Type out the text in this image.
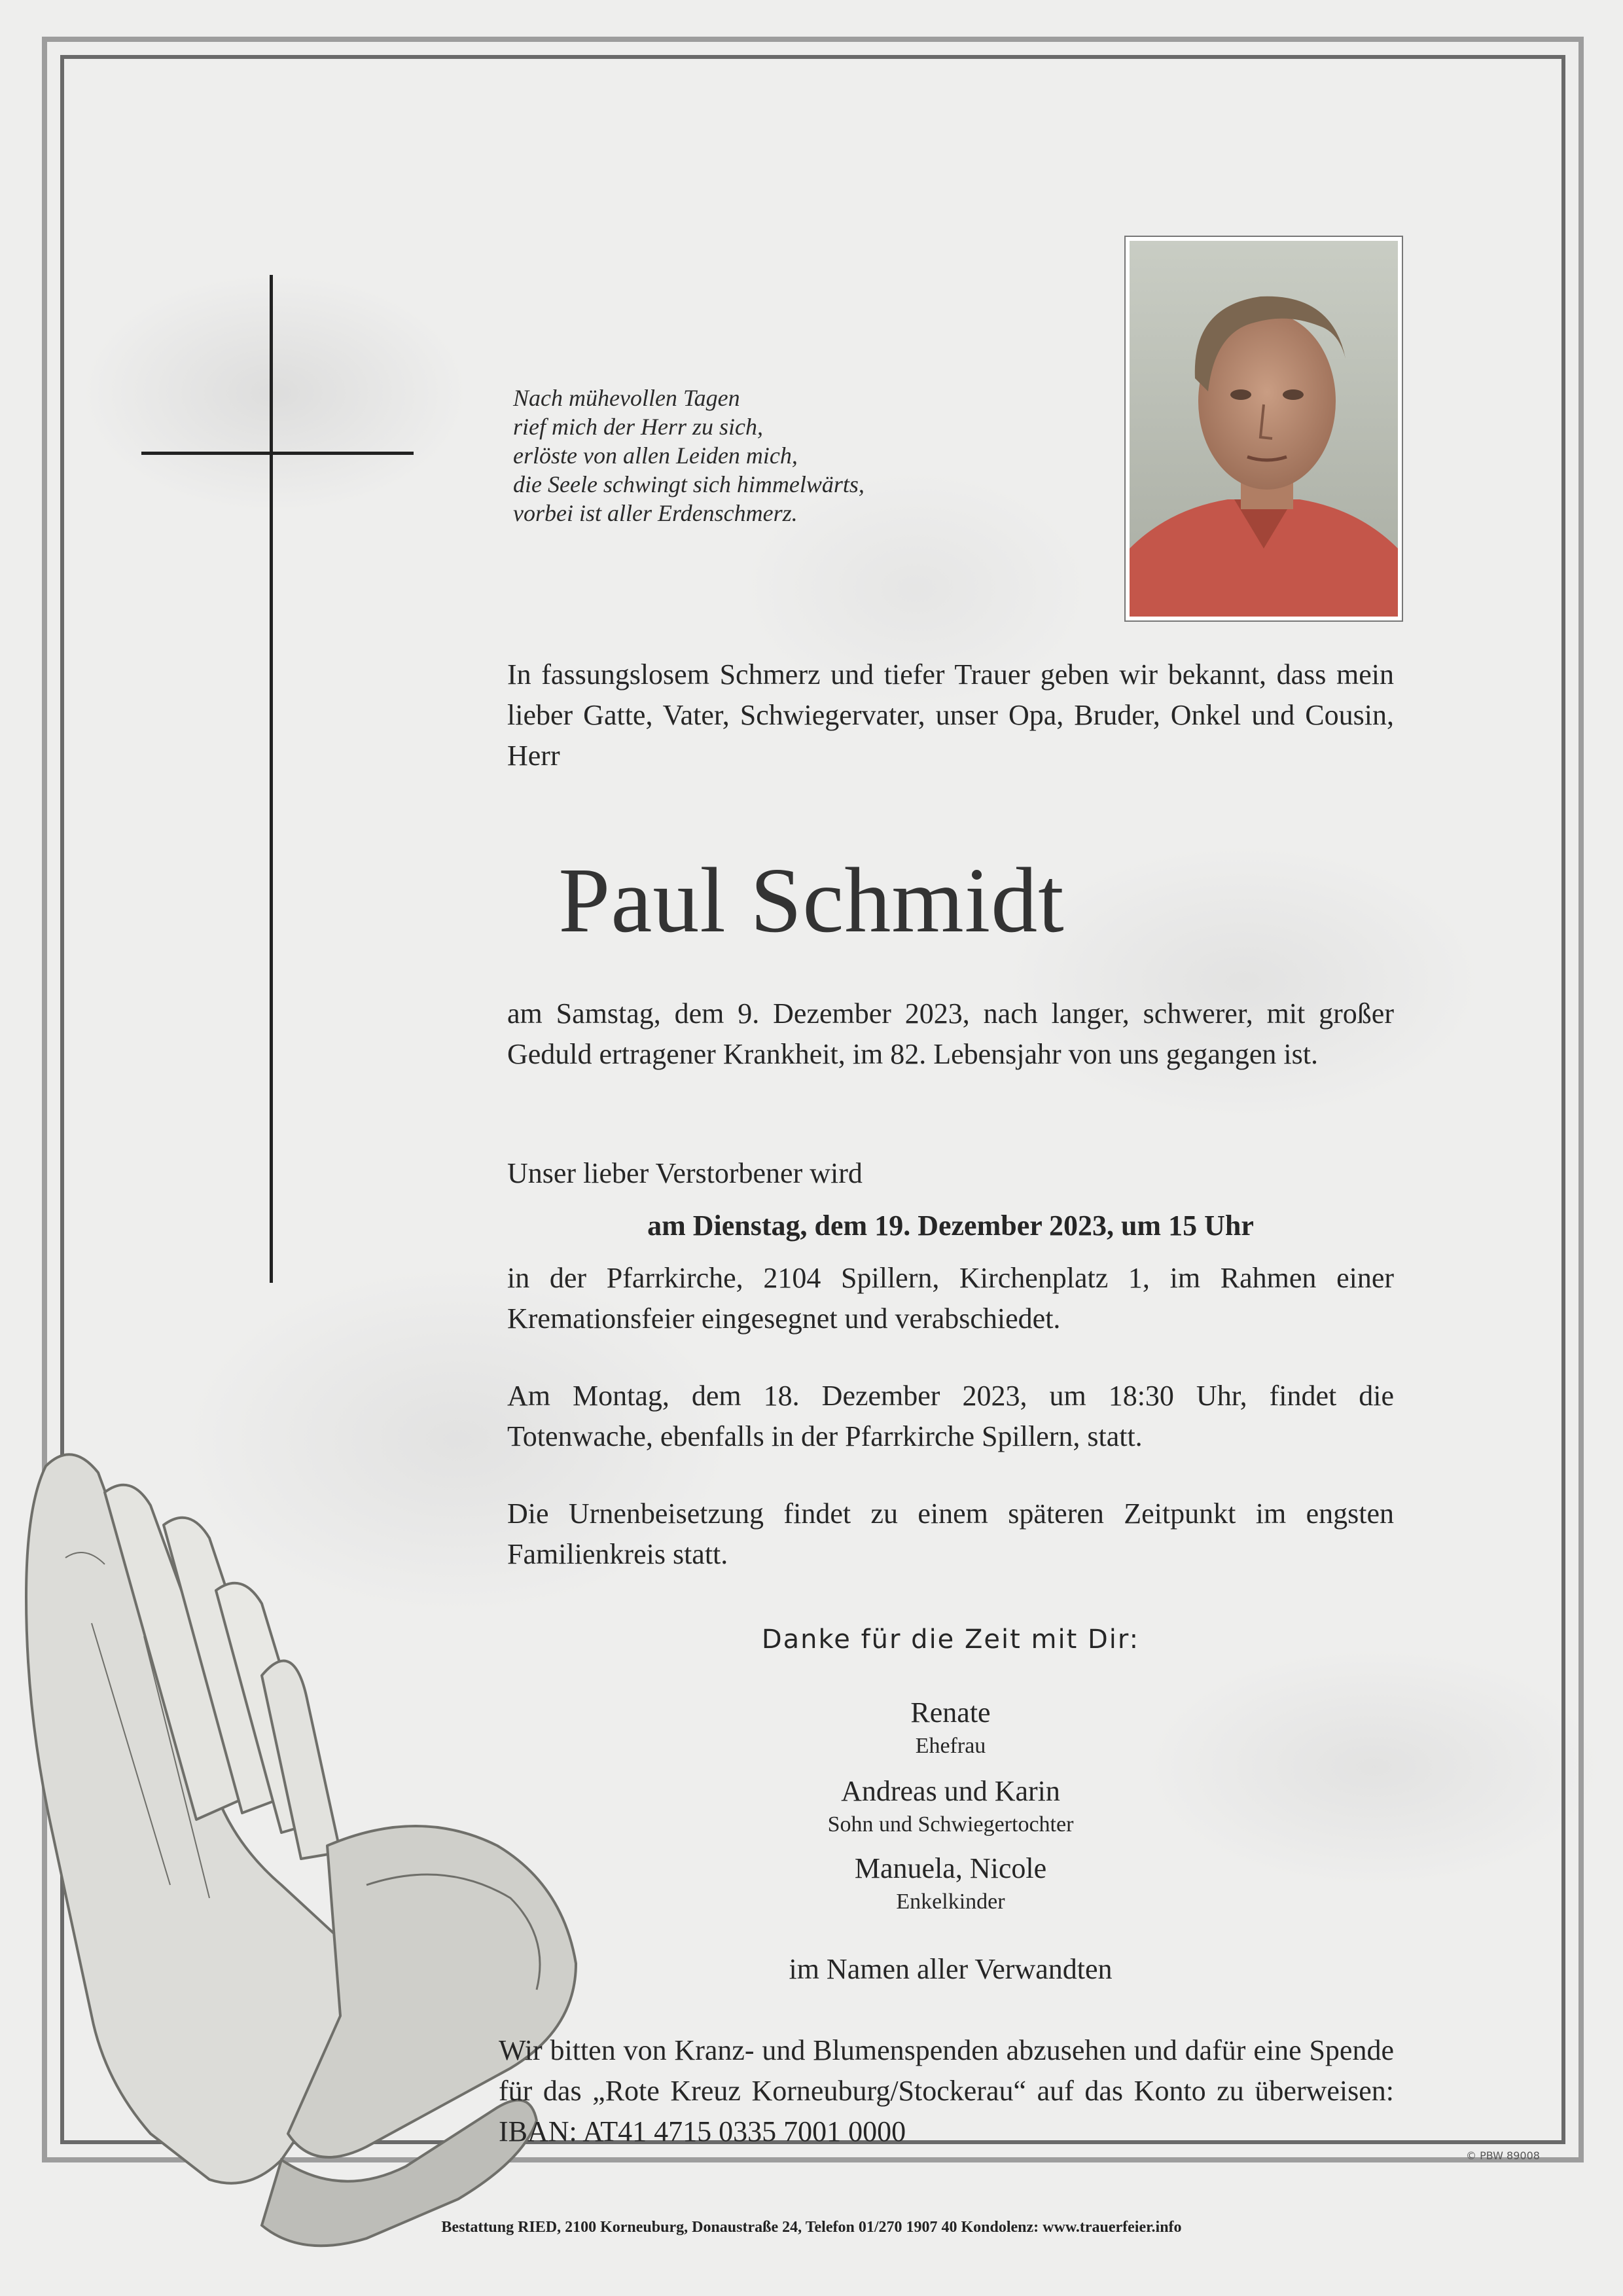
Nach mühevollen Tagen
rief mich der Herr zu sich,
erlöste von allen Leiden mich,
die Seele schwingt sich himmelwärts,
vorbei ist aller Erdenschmerz.
In fassungslosem Schmerz und tiefer Trauer geben wir bekannt, dass mein lieber Gatte, Vater, Schwiegervater, unser Opa, Bruder, Onkel und Cousin, Herr
Paul Schmidt
am Samstag, dem 9. Dezember 2023, nach langer, schwerer, mit großer Geduld ertragener Krankheit, im 82. Lebensjahr von uns gegangen ist.
Unser lieber Verstorbener wird
am Dienstag, dem 19. Dezember 2023, um 15 Uhr
in der Pfarrkirche, 2104 Spillern, Kirchenplatz 1, im Rahmen einer Kremationsfeier eingesegnet und verabschiedet.
Am Montag, dem 18. Dezember 2023, um 18:30 Uhr, findet die Totenwache, ebenfalls in der Pfarrkirche Spillern, statt.
Die Urnenbeisetzung findet zu einem späteren Zeitpunkt im engsten Familienkreis statt.
Danke für die Zeit mit Dir:
Renate
Ehefrau
Andreas und Karin
Sohn und Schwiegertochter
Manuela, Nicole
Enkelkinder
im Namen aller Verwandten
Wir bitten von Kranz- und Blumenspenden abzusehen und dafür eine Spende für das „Rote Kreuz Korneuburg/Stockerau“ auf das Konto zu überweisen: IBAN: AT41 4715 0335 7001 0000
© PBW 89008
Bestattung RIED, 2100 Korneuburg, Donaustraße 24, Telefon 01/270 1907 40 Kondolenz: www.trauerfeier.info
